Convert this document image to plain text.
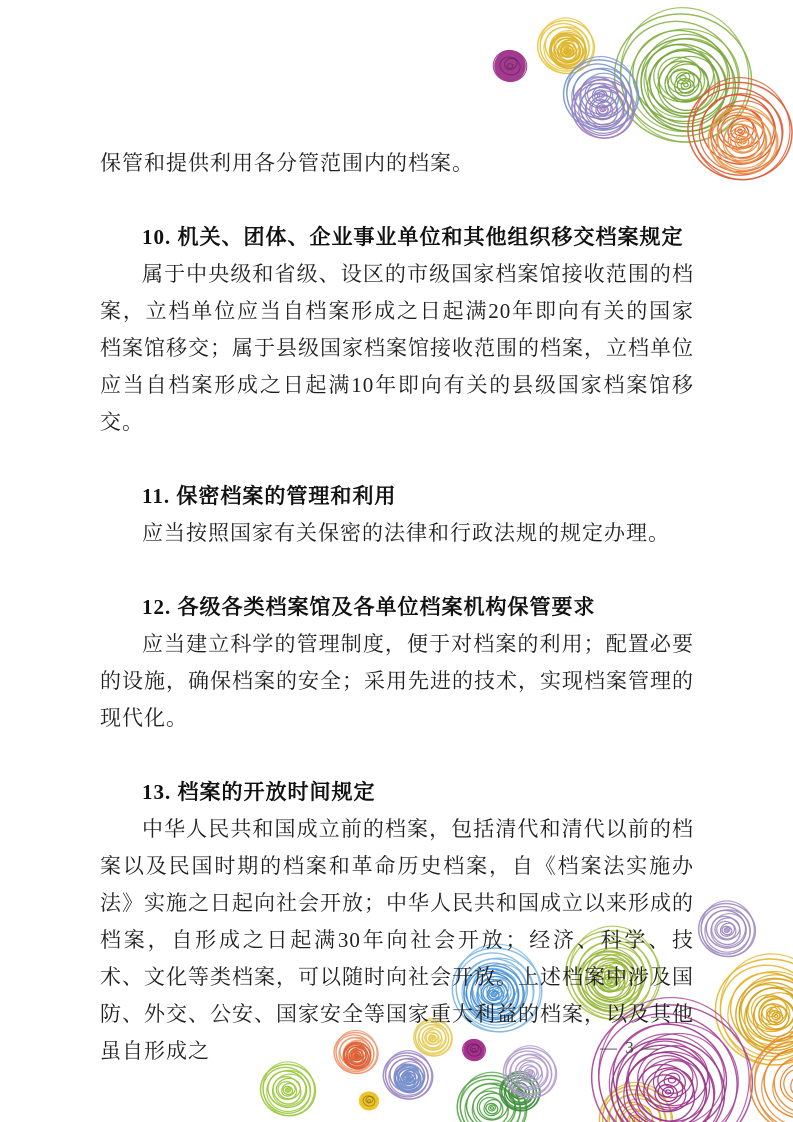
保管和提供利用各分管范围内的档案。

10. 机关、团体、企业事业单位和其他组织移交档案规定

属于中央级和省级、设区的市级国家档案馆接收范围的档案，立档单位应当自档案形成之日起满20年即向有关的国家档案馆移交；属于县级国家档案馆接收范围的档案，立档单位应当自档案形成之日起满10年即向有关的县级国家档案馆移交。

11. 保密档案的管理和利用

应当按照国家有关保密的法律和行政法规的规定办理。

12. 各级各类档案馆及各单位档案机构保管要求

应当建立科学的管理制度，便于对档案的利用；配置必要的设施，确保档案的安全；采用先进的技术，实现档案管理的现代化。

13. 档案的开放时间规定

中华人民共和国成立前的档案，包括清代和清代以前的档案以及民国时期的档案和革命历史档案，自《档案法实施办法》实施之日起向社会开放；中华人民共和国成立以来形成的档案，自形成之日起满30年向社会开放；经济、科学、技术、文化等类档案，可以随时向社会开放。上述档案中涉及国防、外交、公安、国家安全等国家重大利益的档案，以及其他虽自形成之	— 3 —
